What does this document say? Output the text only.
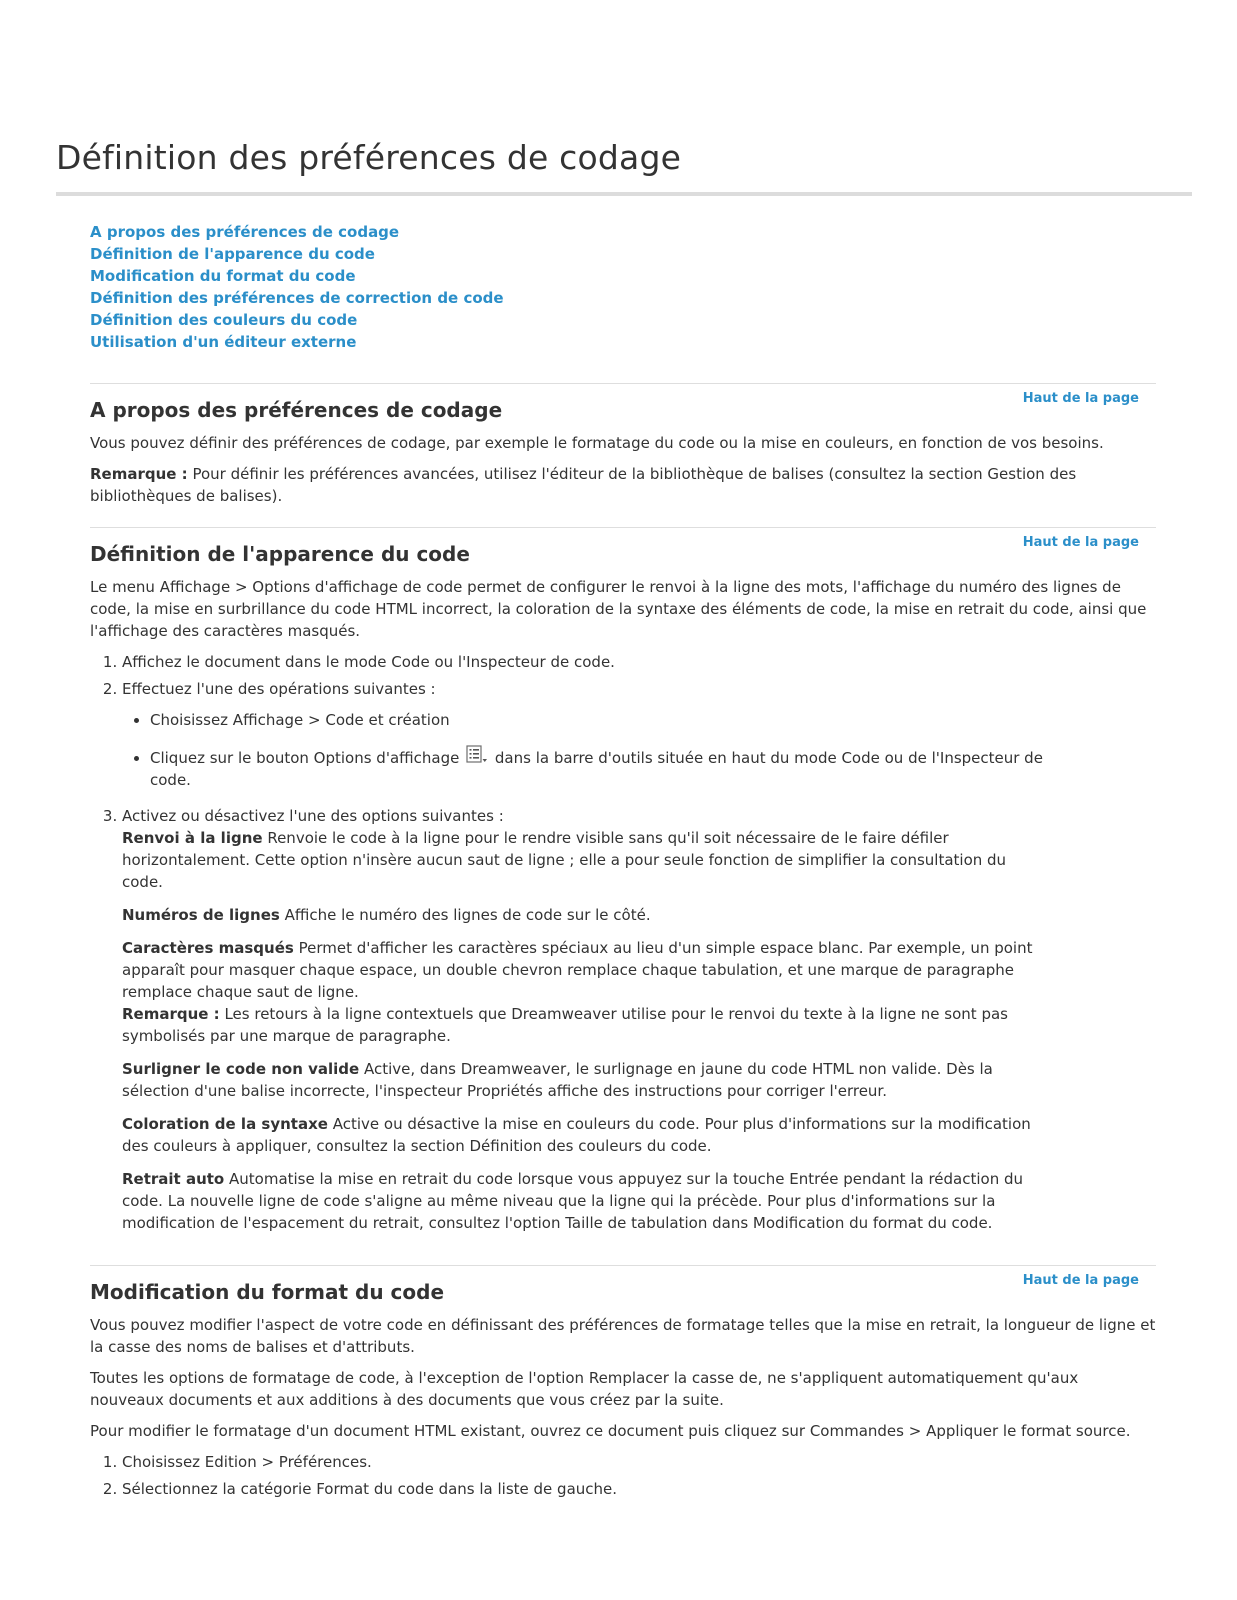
Définition des préférences de codage
A propos des préférences de codage
Définition de l'apparence du code
Modification du format du code
Définition des préférences de correction de code
Définition des couleurs du code
Utilisation d'un éditeur externe
Haut de la page
A propos des préférences de codage

Vous pouvez définir des préférences de codage, par exemple le formatage du code ou la mise en couleurs, en fonction de vos besoins.

Remarque : Pour définir les préférences avancées, utilisez l'éditeur de la bibliothèque de balises (consultez la section Gestion des bibliothèques de balises).

Haut de la page
Définition de l'apparence du code

Le menu Affichage > Options d'affichage de code permet de configurer le renvoi à la ligne des mots, l'affichage du numéro des lignes de code, la mise en surbrillance du code HTML incorrect, la coloration de la syntaxe des éléments de code, la mise en retrait du code, ainsi que l'affichage des caractères masqués.

1. Affichez le document dans le mode Code ou l'Inspecteur de code.
2. Effectuez l'une des opérations suivantes :
• Choisissez Affichage > Code et création
• Cliquez sur le bouton Options d'affichage  dans la barre d'outils située en haut du mode Code ou de l'Inspecteur de code.
3. Activez ou désactivez l'une des options suivantes :

Renvoi à la ligne Renvoie le code à la ligne pour le rendre visible sans qu'il soit nécessaire de le faire défiler horizontalement. Cette option n'insère aucun saut de ligne ; elle a pour seule fonction de simplifier la consultation du code.

Numéros de lignes Affiche le numéro des lignes de code sur le côté.

Caractères masqués Permet d'afficher les caractères spéciaux au lieu d'un simple espace blanc. Par exemple, un point apparaît pour masquer chaque espace, un double chevron remplace chaque tabulation, et une marque de paragraphe remplace chaque saut de ligne.

Remarque : Les retours à la ligne contextuels que Dreamweaver utilise pour le renvoi du texte à la ligne ne sont pas symbolisés par une marque de paragraphe.

Surligner le code non valide Active, dans Dreamweaver, le surlignage en jaune du code HTML non valide. Dès la sélection d'une balise incorrecte, l'inspecteur Propriétés affiche des instructions pour corriger l'erreur.

Coloration de la syntaxe Active ou désactive la mise en couleurs du code. Pour plus d'informations sur la modification des couleurs à appliquer, consultez la section Définition des couleurs du code.

Retrait auto Automatise la mise en retrait du code lorsque vous appuyez sur la touche Entrée pendant la rédaction du code. La nouvelle ligne de code s'aligne au même niveau que la ligne qui la précède. Pour plus d'informations sur la modification de l'espacement du retrait, consultez l'option Taille de tabulation dans Modification du format du code.

Haut de la page
Modification du format du code

Vous pouvez modifier l'aspect de votre code en définissant des préférences de formatage telles que la mise en retrait, la longueur de ligne et la casse des noms de balises et d'attributs.

Toutes les options de formatage de code, à l'exception de l'option Remplacer la casse de, ne s'appliquent automatiquement qu'aux nouveaux documents et aux additions à des documents que vous créez par la suite.

Pour modifier le formatage d'un document HTML existant, ouvrez ce document puis cliquez sur Commandes > Appliquer le format source.

1. Choisissez Edition > Préférences.
2. Sélectionnez la catégorie Format du code dans la liste de gauche.
